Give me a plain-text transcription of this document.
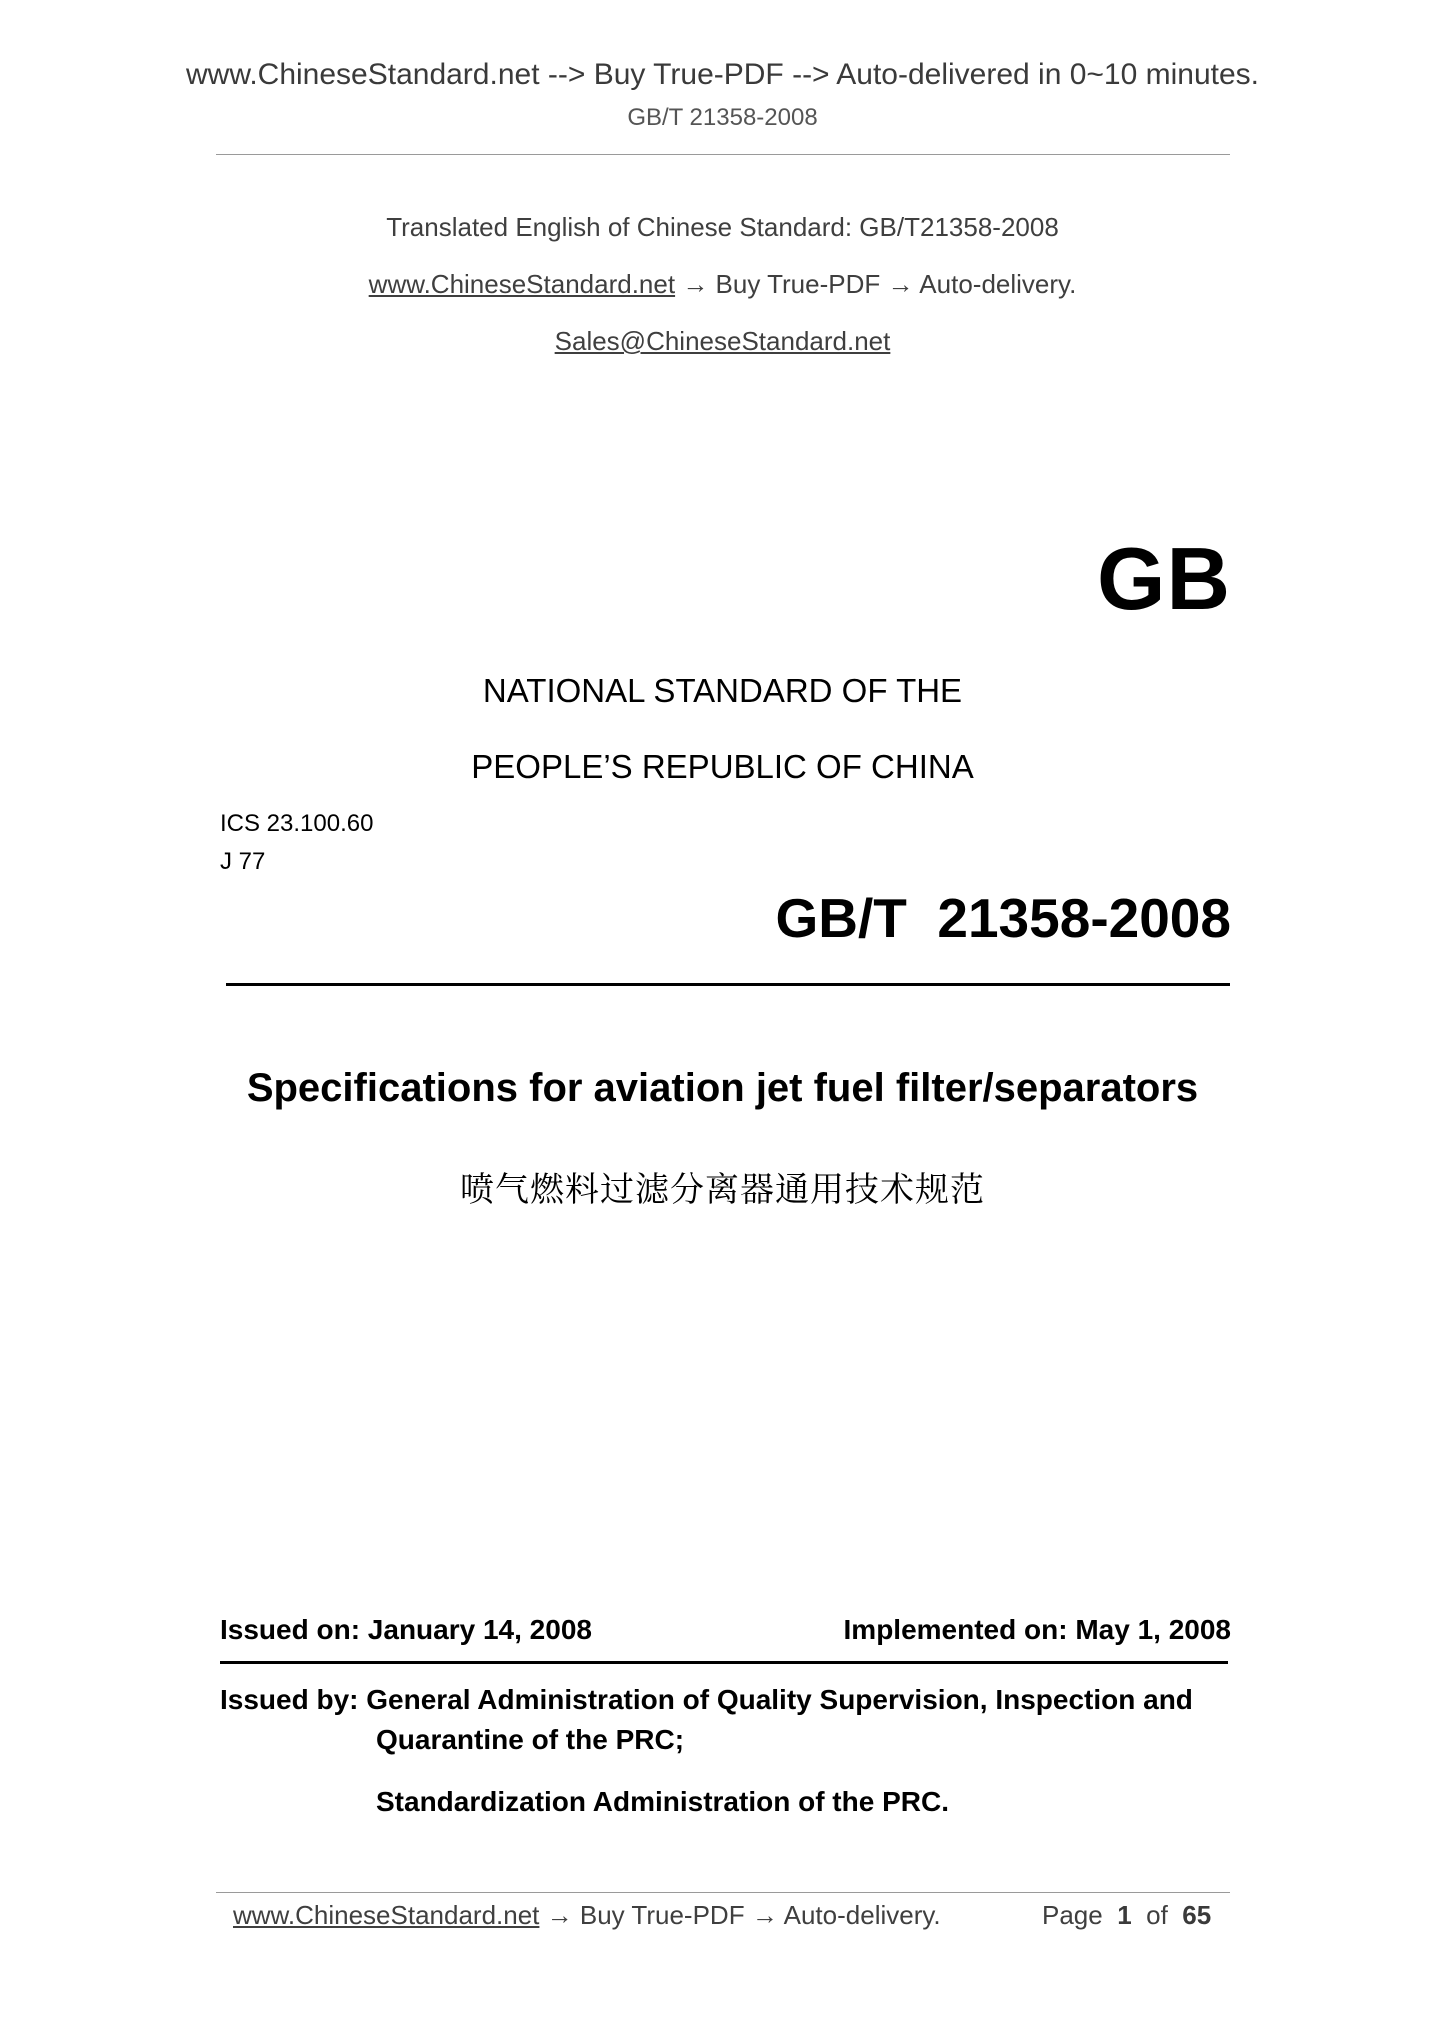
www.ChineseStandard.net --> Buy True-PDF --> Auto-delivered in 0~10 minutes.
GB/T 21358-2008
Translated English of Chinese Standard: GB/T21358-2008
www.ChineseStandard.net → Buy True-PDF → Auto-delivery.
Sales@ChineseStandard.net
GB
NATIONAL STANDARD OF THE
PEOPLE’S REPUBLIC OF CHINA
ICS 23.100.60
J 77
GB/T  21358-2008
Specifications for aviation jet fuel filter/separators
喷气燃料过滤分离器通用技术规范
Issued on: January 14, 2008	Implemented on: May 1, 2008
Issued by: General Administration of Quality Supervision, Inspection and
Quarantine of the PRC;
Standardization Administration of the PRC.
www.ChineseStandard.net → Buy True-PDF → Auto-delivery.	Page 1 of 65
